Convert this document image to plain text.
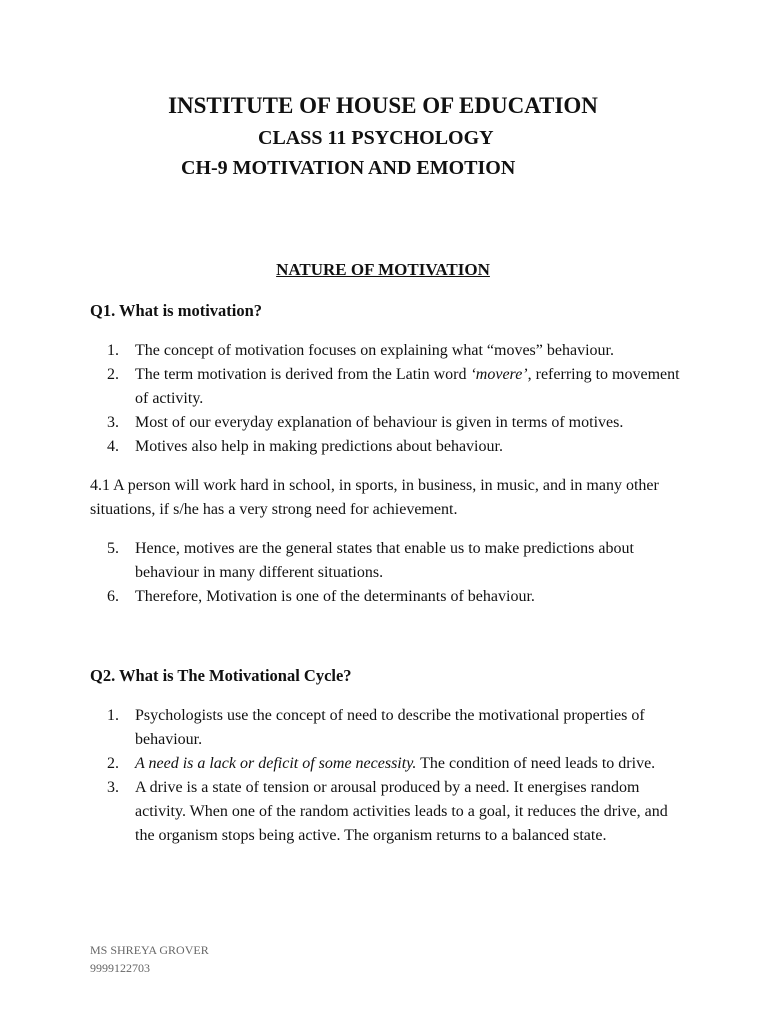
INSTITUTE OF HOUSE OF EDUCATION
CLASS 11 PSYCHOLOGY
CH-9 MOTIVATION AND EMOTION
NATURE OF MOTIVATION
Q1. What is motivation?
1.	The concept of motivation focuses on explaining what “moves” behaviour.
2.	The term motivation is derived from the Latin word ‘movere’, referring to movement of activity.
3.	Most of our everyday explanation of behaviour is given in terms of motives.
4.	Motives also help in making predictions about behaviour.
4.1 A person will work hard in school, in sports, in business, in music, and in many other situations, if s/he has a very strong need for achievement.
5.	Hence, motives are the general states that enable us to make predictions about behaviour in many different situations.
6.	Therefore, Motivation is one of the determinants of behaviour.
Q2. What is The Motivational Cycle?
1.	Psychologists use the concept of need to describe the motivational properties of behaviour.
2.	A need is a lack or deficit of some necessity. The condition of need leads to drive.
3.	A drive is a state of tension or arousal produced by a need. It energises random activity. When one of the random activities leads to a goal, it reduces the drive, and the organism stops being active. The organism returns to a balanced state.
MS SHREYA GROVER
9999122703
